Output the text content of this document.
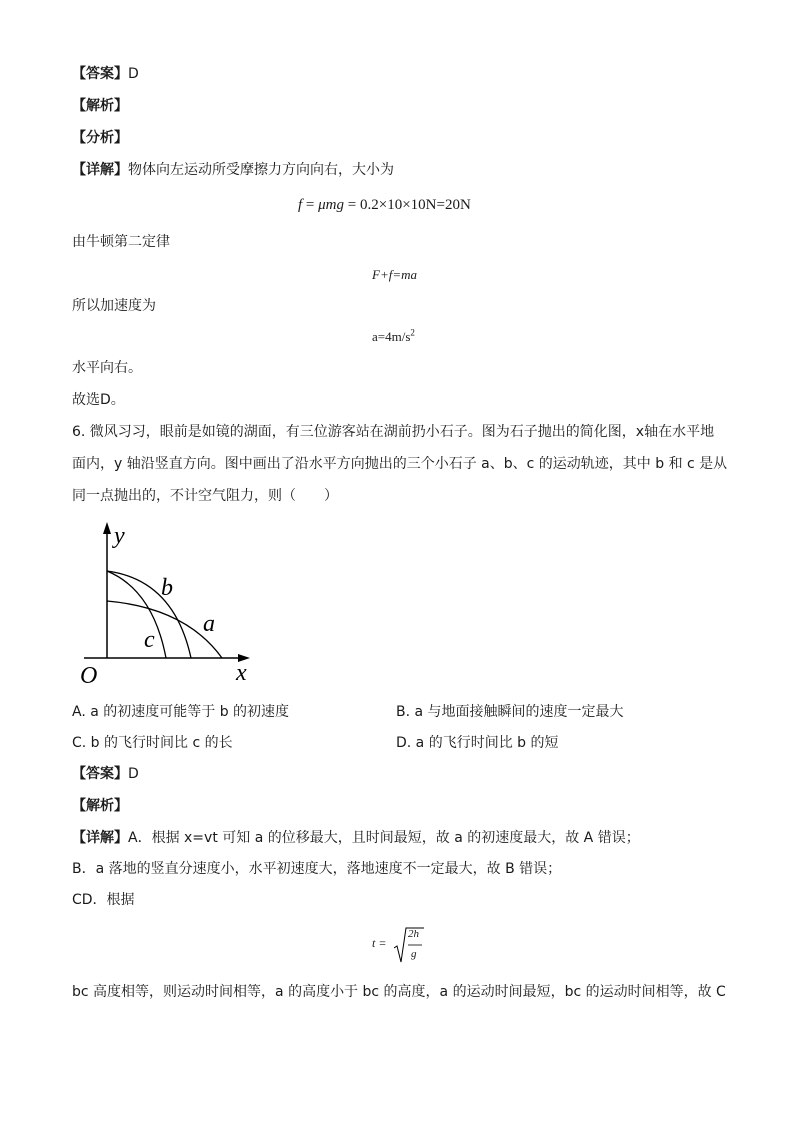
【答案】D
【解析】
【分析】
【详解】物体向左运动所受摩擦力方向向右，大小为
f = μmg = 0.2×10×10N=20N
由牛顿第二定律
F+f=ma
所以加速度为
$a=4m/s^2$
水平向右。
故选D。
6. 微风习习，眼前是如镜的湖面，有三位游客站在湖前扔小石子。图为石子抛出的简化图，x轴在水平地
面内，y 轴沿竖直方向。图中画出了沿水平方向抛出的三个小石子 a、b、c 的运动轨迹，其中 b 和 c 是从
同一点抛出的，不计空气阻力，则（　　）
y
x
O
a
b
c
A. a 的初速度可能等于 b 的初速度	B. a 与地面接触瞬间的速度一定最大
C. b 的飞行时间比 c 的长	D. a 的飞行时间比 b 的短
【答案】D
【解析】
【详解】A．根据 x=vt 可知 a 的位移最大，且时间最短，故 a 的初速度最大，故 A 错误；
B．a 落地的竖直分速度小，水平初速度大，落地速度不一定最大，故 B 错误；
CD．根据
t =
2h
g
bc 高度相等，则运动时间相等，a 的高度小于 bc 的高度，a 的运动时间最短，bc 的运动时间相等，故 C
